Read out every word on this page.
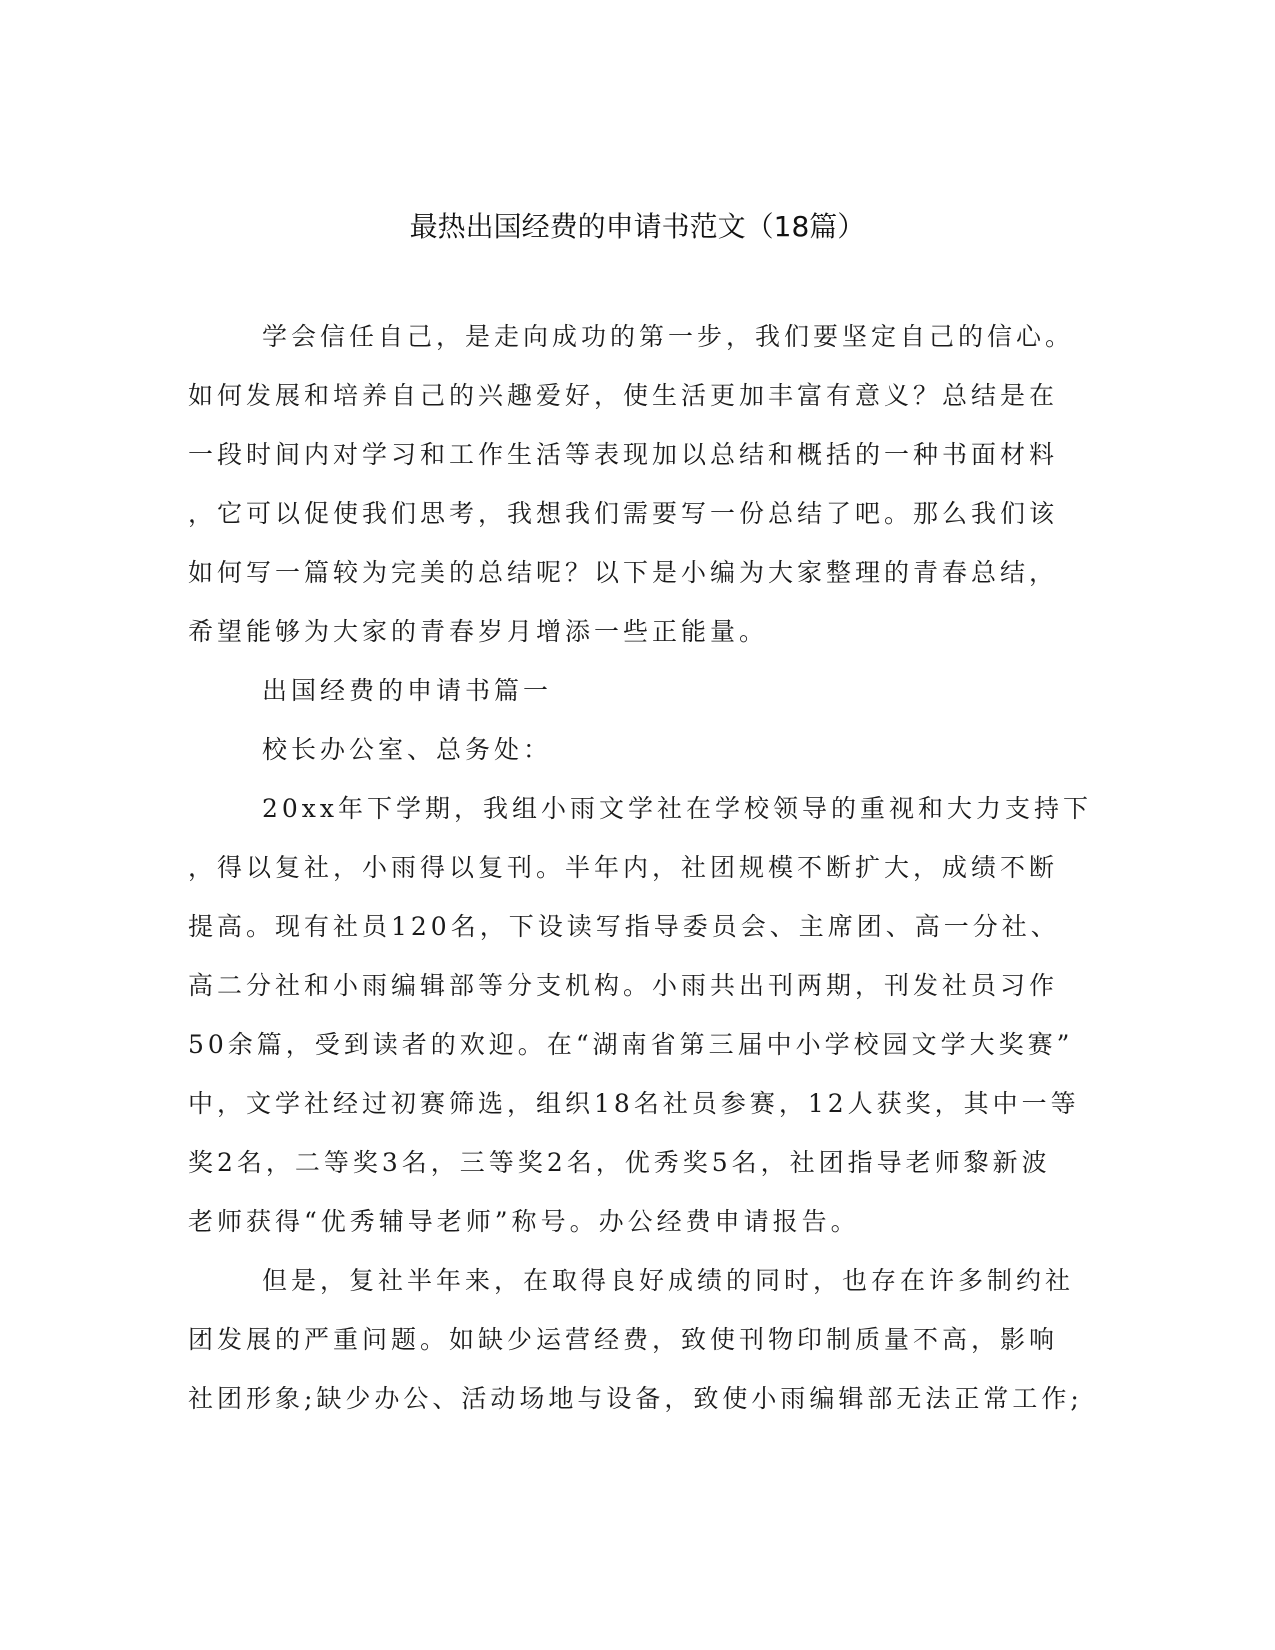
最热出国经费的申请书范文（18篇）
学会信任自己，是走向成功的第一步，我们要坚定自己的信心。
如何发展和培养自己的兴趣爱好，使生活更加丰富有意义？总结是在
一段时间内对学习和工作生活等表现加以总结和概括的一种书面材料
，它可以促使我们思考，我想我们需要写一份总结了吧。那么我们该
如何写一篇较为完美的总结呢？以下是小编为大家整理的青春总结，
希望能够为大家的青春岁月增添一些正能量。
出国经费的申请书篇一
校长办公室、总务处：
20xx年下学期，我组小雨文学社在学校领导的重视和大力支持下
，得以复社，小雨得以复刊。半年内，社团规模不断扩大，成绩不断
提高。现有社员120名，下设读写指导委员会、主席团、高一分社、
高二分社和小雨编辑部等分支机构。小雨共出刊两期，刊发社员习作
50余篇，受到读者的欢迎。在“湖南省第三届中小学校园文学大奖赛”
中，文学社经过初赛筛选，组织18名社员参赛，12人获奖，其中一等
奖2名，二等奖3名，三等奖2名，优秀奖5名，社团指导老师黎新波
老师获得“优秀辅导老师”称号。办公经费申请报告。
但是，复社半年来，在取得良好成绩的同时，也存在许多制约社
团发展的严重问题。如缺少运营经费，致使刊物印制质量不高，影响
社团形象;缺少办公、活动场地与设备，致使小雨编辑部无法正常工作;
